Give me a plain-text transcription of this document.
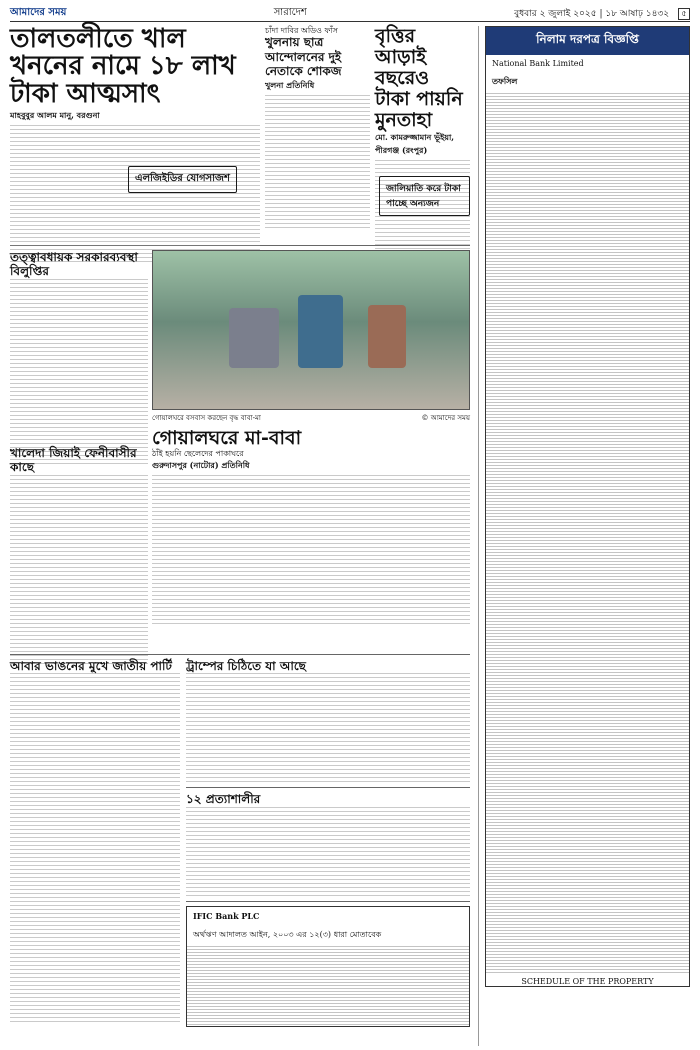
আমাদের সময়	সারাদেশ	বুধবার ২ জুলাই ২০২৫ | ১৮ আষাঢ় ১৪৩২ ৫
তালতলীতে খাল খননের নামে ১৮ লাখ টাকা আত্মসাৎ
মাহবুবুর আলম মানু, বরগুনা
এলজিইডির যোগসাজশ
চাঁদা দাবির অডিও ফাঁস
খুলনায় ছাত্র আন্দোলনের দুই নেতাকে শোকজ
খুলনা প্রতিনিধি
বৃত্তির আড়াই বছরেও টাকা পায়নি মুনতাহা
মো. কামরুজ্জামান ভূঁইয়া, পীরগঞ্জ (রংপুর)
জালিয়াতি করে টাকা পাচ্ছে অন্যজন
তত্ত্বাবধায়ক সরকারব্যবস্থা বিলুপ্তির
গোয়ালঘরে বসবাস করছেন বৃদ্ধ বাবা-মা	© আমাদের সময়
গোয়ালঘরে মা-বাবা
ঠাঁই হয়নি ছেলেদের পাকাঘরে
গুরুদাসপুর (নাটোর) প্রতিনিধি
খালেদা জিয়াই ফেনীবাসীর কাছে
আবার ভাঙনের মুখে জাতীয় পার্টি	ট্রাম্পের চিঠিতে যা আছে
১২ প্রত্যাশালীর
IFIC Bank PLC
অর্থঋণ আদালত আইন, ২০০৩ এর ১২(৩) ধারা মোতাবেক
নিলাম দরপত্র বিজ্ঞপ্তি
National Bank Limited
তফসিল
SCHEDULE OF THE PROPERTY
